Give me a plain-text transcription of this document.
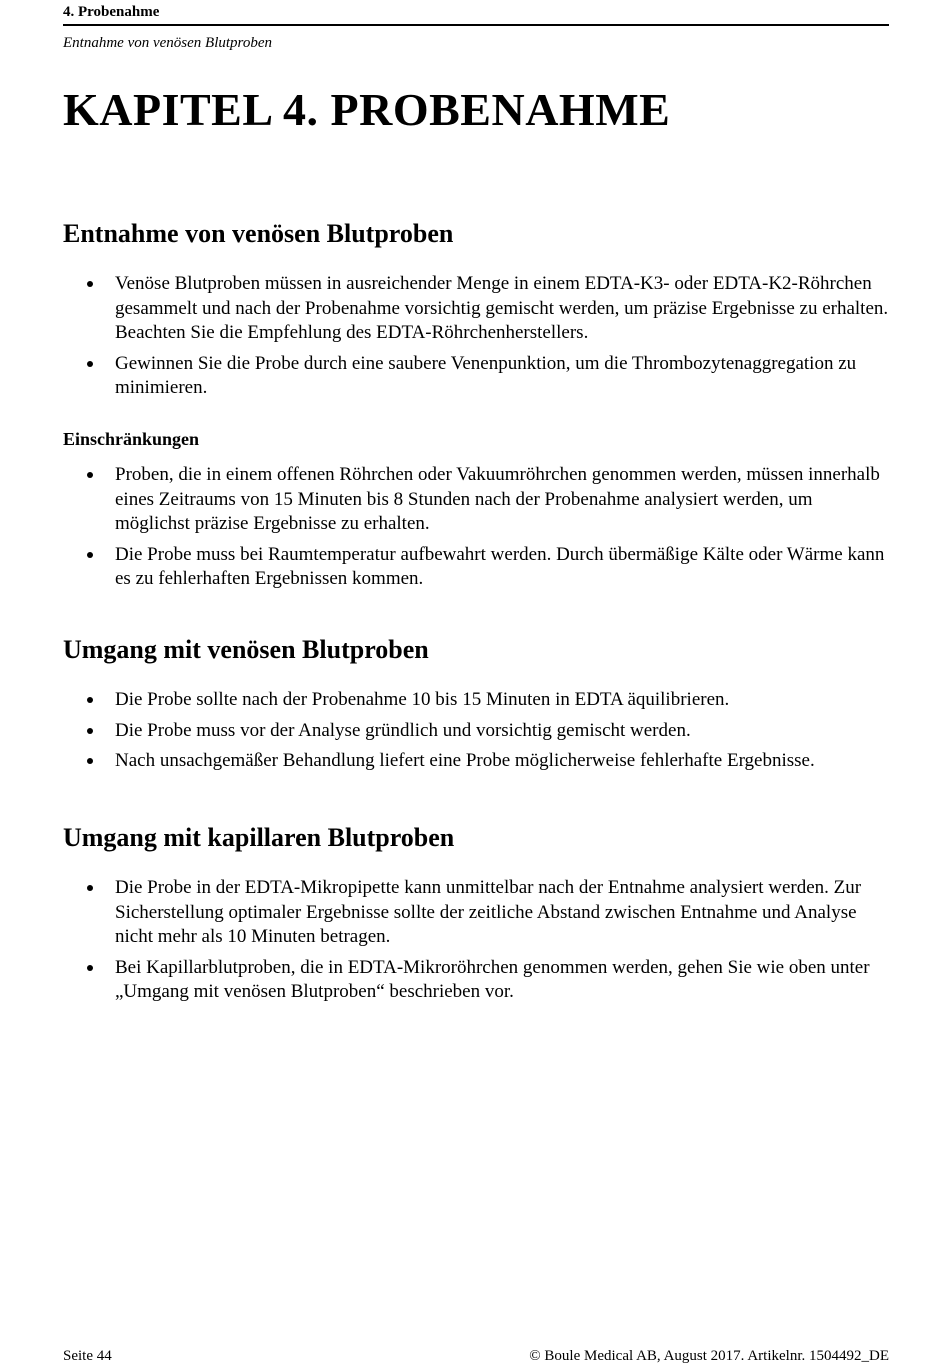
4. Probenahme
Entnahme von venösen Blutproben
KAPITEL 4. PROBENAHME
Entnahme von venösen Blutproben
Venöse Blutproben müssen in ausreichender Menge in einem EDTA-K3- oder EDTA-K2-Röhrchen gesammelt und nach der Probenahme vorsichtig gemischt werden, um präzise Ergebnisse zu erhalten. Beachten Sie die Empfehlung des EDTA-Röhrchenherstellers.
Gewinnen Sie die Probe durch eine saubere Venenpunktion, um die Thrombozytenaggregation zu minimieren.
Einschränkungen
Proben, die in einem offenen Röhrchen oder Vakuumröhrchen genommen werden, müssen innerhalb eines Zeitraums von 15 Minuten bis 8 Stunden nach der Probenahme analysiert werden, um möglichst präzise Ergebnisse zu erhalten.
Die Probe muss bei Raumtemperatur aufbewahrt werden. Durch übermäßige Kälte oder Wärme kann es zu fehlerhaften Ergebnissen kommen.
Umgang mit venösen Blutproben
Die Probe sollte nach der Probenahme 10 bis 15 Minuten in EDTA äquilibrieren.
Die Probe muss vor der Analyse gründlich und vorsichtig gemischt werden.
Nach unsachgemäßer Behandlung liefert eine Probe möglicherweise fehlerhafte Ergebnisse.
Umgang mit kapillaren Blutproben
Die Probe in der EDTA-Mikropipette kann unmittelbar nach der Entnahme analysiert werden. Zur Sicherstellung optimaler Ergebnisse sollte der zeitliche Abstand zwischen Entnahme und Analyse nicht mehr als 10 Minuten betragen.
Bei Kapillarblutproben, die in EDTA-Mikroröhrchen genommen werden, gehen Sie wie oben unter „Umgang mit venösen Blutproben“ beschrieben vor.
Seite 44	© Boule Medical AB, August 2017. Artikelnr. 1504492_DE
